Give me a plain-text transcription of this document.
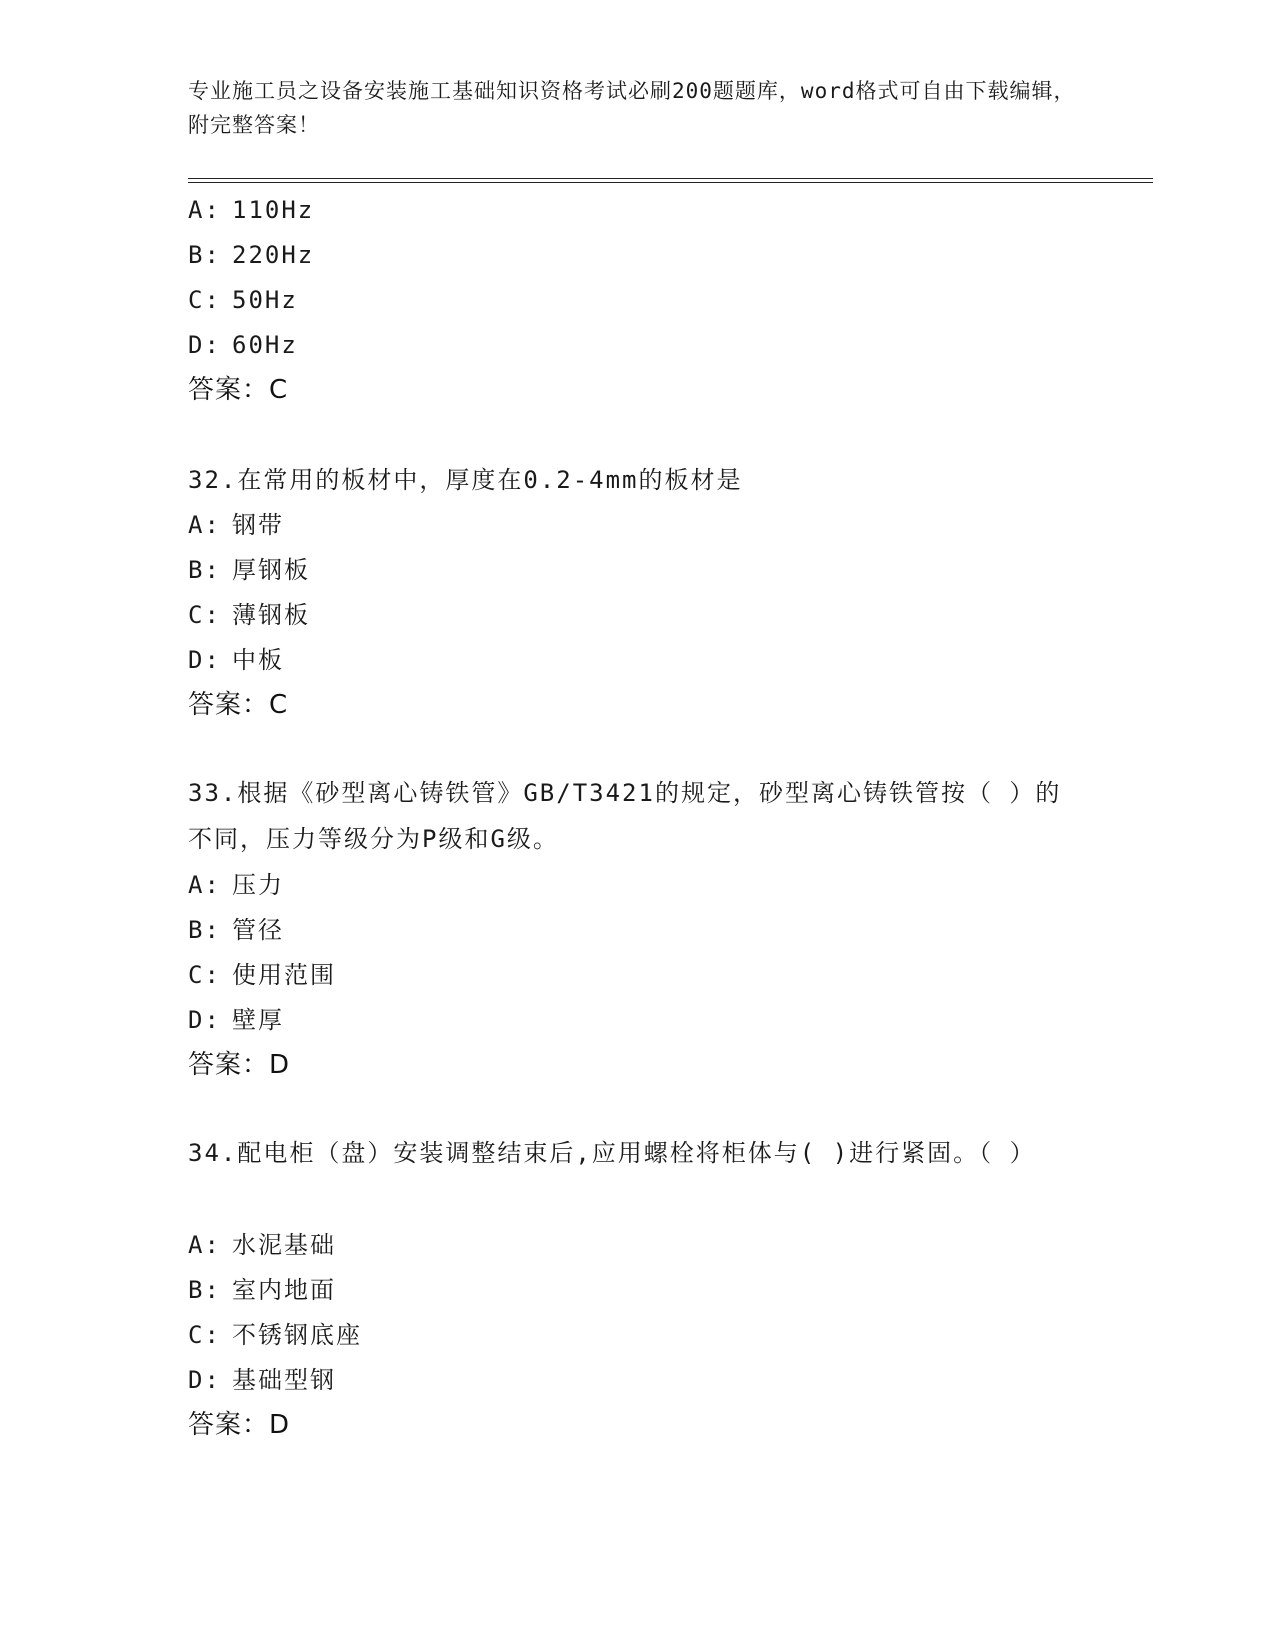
专业施工员之设备安装施工基础知识资格考试必刷200题题库，word格式可自由下载编辑，附完整答案！
A: 110Hz
B: 220Hz
C: 50Hz
D: 60Hz
答案：C
32.在常用的板材中，厚度在0.2-4mm的板材是
A: 钢带
B: 厚钢板
C: 薄钢板
D: 中板
答案：C
33.根据《砂型离心铸铁管》GB/T3421的规定，砂型离心铸铁管按（ ）的不同，压力等级分为P级和G级。
A: 压力
B: 管径
C: 使用范围
D: 壁厚
答案：D
34.配电柜（盘）安装调整结束后,应用螺栓将柜体与( )进行紧固。（ ）
A: 水泥基础
B: 室内地面
C: 不锈钢底座
D: 基础型钢
答案：D
